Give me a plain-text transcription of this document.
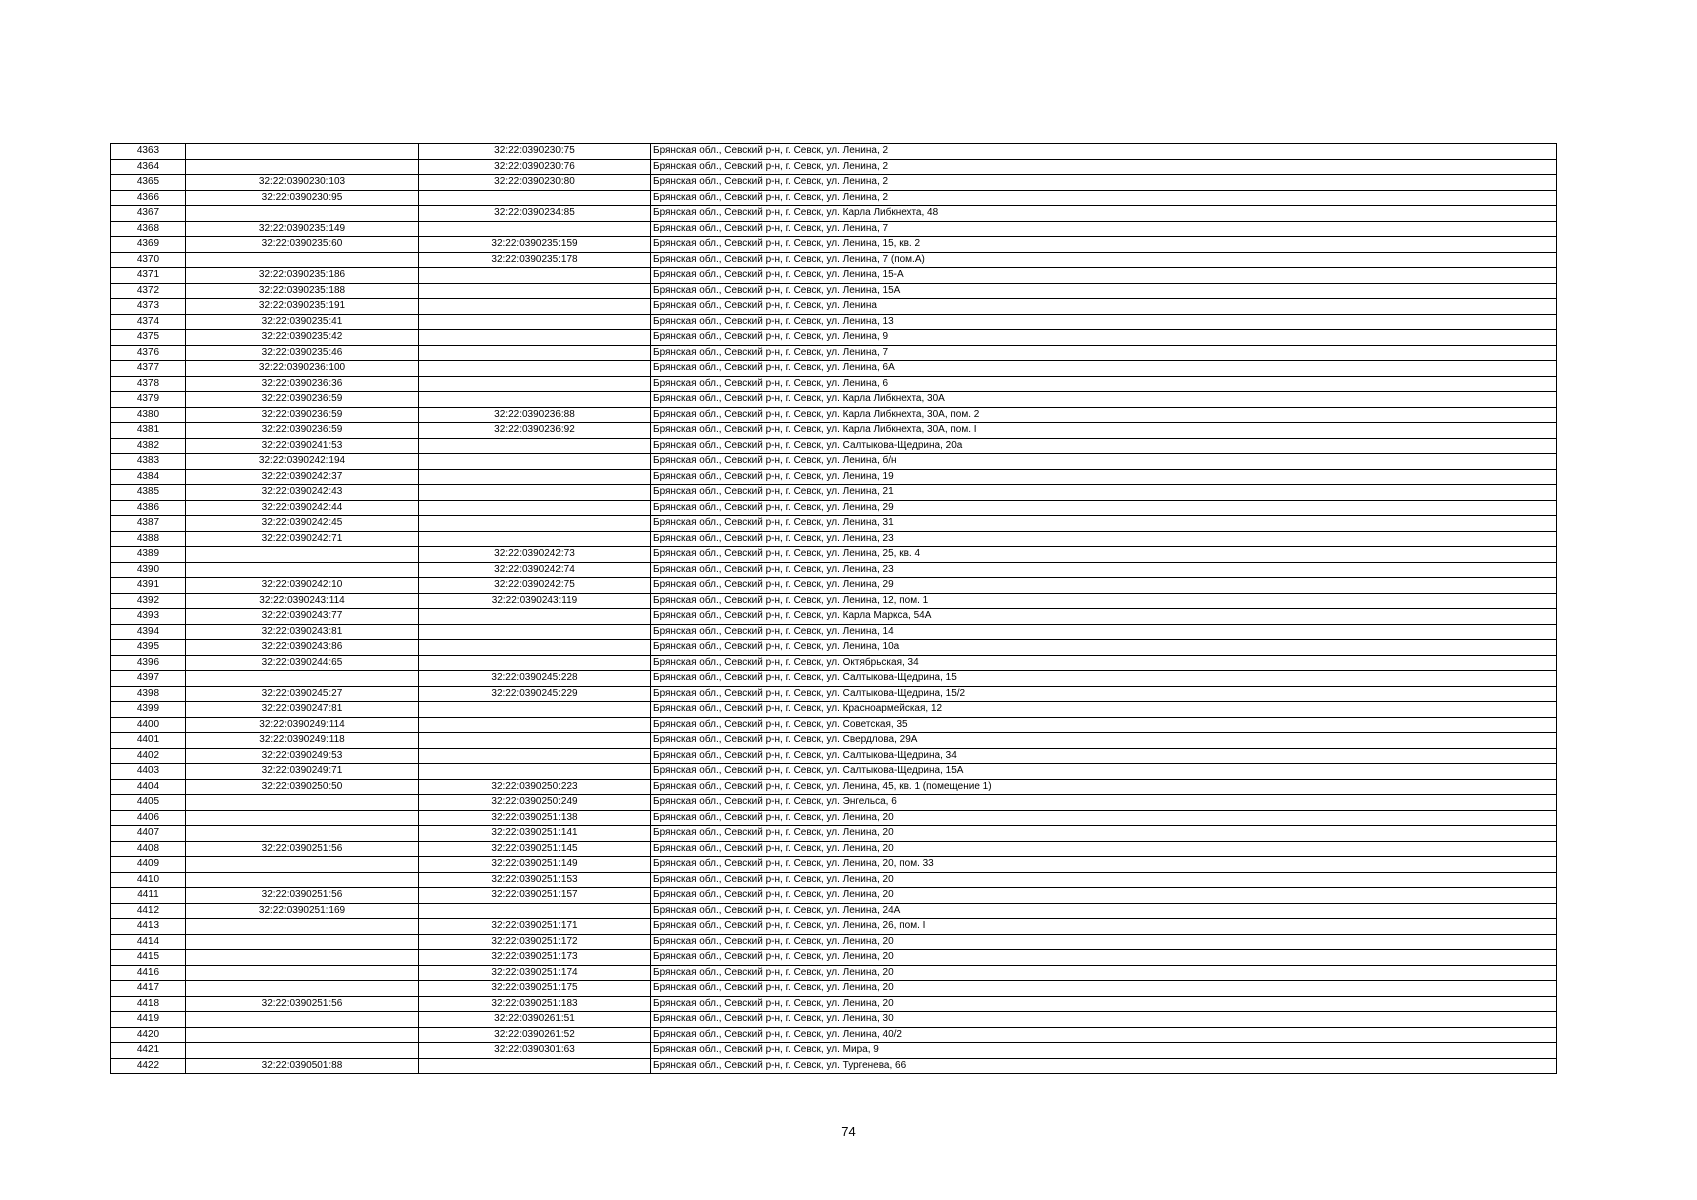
4363		32:22:0390230:75	Брянская обл., Севский р-н, г. Севск, ул. Ленина, 2
4364		32:22:0390230:76	Брянская обл., Севский р-н, г. Севск, ул. Ленина, 2
4365	32:22:0390230:103	32:22:0390230:80	Брянская обл., Севский р-н, г. Севск, ул. Ленина, 2
4366	32:22:0390230:95		Брянская обл., Севский р-н, г. Севск, ул. Ленина, 2
4367		32:22:0390234:85	Брянская обл., Севский р-н, г. Севск, ул. Карла Либкнехта, 48
4368	32:22:0390235:149		Брянская обл., Севский р-н, г. Севск, ул. Ленина, 7
4369	32:22:0390235:60	32:22:0390235:159	Брянская обл., Севский р-н, г. Севск, ул. Ленина, 15, кв. 2
4370		32:22:0390235:178	Брянская обл., Севский р-н, г. Севск, ул. Ленина, 7 (пом.А)
4371	32:22:0390235:186		Брянская обл., Севский р-н, г. Севск, ул. Ленина, 15-А
4372	32:22:0390235:188		Брянская обл., Севский р-н, г. Севск, ул. Ленина, 15А
4373	32:22:0390235:191		Брянская обл., Севский р-н, г. Севск, ул. Ленина
4374	32:22:0390235:41		Брянская обл., Севский р-н, г. Севск, ул. Ленина, 13
4375	32:22:0390235:42		Брянская обл., Севский р-н, г. Севск, ул. Ленина, 9
4376	32:22:0390235:46		Брянская обл., Севский р-н, г. Севск, ул. Ленина, 7
4377	32:22:0390236:100		Брянская обл., Севский р-н, г. Севск, ул. Ленина, 6А
4378	32:22:0390236:36		Брянская обл., Севский р-н, г. Севск, ул. Ленина, 6
4379	32:22:0390236:59		Брянская обл., Севский р-н, г. Севск, ул. Карла Либкнехта, 30А
4380	32:22:0390236:59	32:22:0390236:88	Брянская обл., Севский р-н, г. Севск, ул. Карла Либкнехта, 30А, пом. 2
4381	32:22:0390236:59	32:22:0390236:92	Брянская обл., Севский р-н, г. Севск, ул. Карла Либкнехта, 30А, пом. I
4382	32:22:0390241:53		Брянская обл., Севский р-н, г. Севск, ул. Салтыкова-Щедрина, 20а
4383	32:22:0390242:194		Брянская обл., Севский р-н, г. Севск, ул. Ленина, б/н
4384	32:22:0390242:37		Брянская обл., Севский р-н, г. Севск, ул. Ленина, 19
4385	32:22:0390242:43		Брянская обл., Севский р-н, г. Севск, ул. Ленина, 21
4386	32:22:0390242:44		Брянская обл., Севский р-н, г. Севск, ул. Ленина, 29
4387	32:22:0390242:45		Брянская обл., Севский р-н, г. Севск, ул. Ленина, 31
4388	32:22:0390242:71		Брянская обл., Севский р-н, г. Севск, ул. Ленина, 23
4389		32:22:0390242:73	Брянская обл., Севский р-н, г. Севск, ул. Ленина, 25, кв. 4
4390		32:22:0390242:74	Брянская обл., Севский р-н, г. Севск, ул. Ленина, 23
4391	32:22:0390242:10	32:22:0390242:75	Брянская обл., Севский р-н, г. Севск, ул. Ленина, 29
4392	32:22:0390243:114	32:22:0390243:119	Брянская обл., Севский р-н, г. Севск, ул. Ленина, 12, пом. 1
4393	32:22:0390243:77		Брянская обл., Севский р-н, г. Севск, ул. Карла Маркса, 54А
4394	32:22:0390243:81		Брянская обл., Севский р-н, г. Севск, ул. Ленина, 14
4395	32:22:0390243:86		Брянская обл., Севский р-н, г. Севск, ул. Ленина, 10а
4396	32:22:0390244:65		Брянская обл., Севский р-н, г. Севск, ул. Октябрьская, 34
4397		32:22:0390245:228	Брянская обл., Севский р-н, г. Севск, ул. Салтыкова-Щедрина, 15
4398	32:22:0390245:27	32:22:0390245:229	Брянская обл., Севский р-н, г. Севск, ул. Салтыкова-Щедрина, 15/2
4399	32:22:0390247:81		Брянская обл., Севский р-н, г. Севск, ул. Красноармейская, 12
4400	32:22:0390249:114		Брянская обл., Севский р-н, г. Севск, ул. Советская, 35
4401	32:22:0390249:118		Брянская обл., Севский р-н, г. Севск, ул. Свердлова, 29А
4402	32:22:0390249:53		Брянская обл., Севский р-н, г. Севск, ул. Салтыкова-Щедрина, 34
4403	32:22:0390249:71		Брянская обл., Севский р-н, г. Севск, ул. Салтыкова-Щедрина, 15А
4404	32:22:0390250:50	32:22:0390250:223	Брянская обл., Севский р-н, г. Севск, ул. Ленина, 45, кв. 1 (помещение 1)
4405		32:22:0390250:249	Брянская обл., Севский р-н, г. Севск, ул. Энгельса, 6
4406		32:22:0390251:138	Брянская обл., Севский р-н, г. Севск, ул. Ленина, 20
4407		32:22:0390251:141	Брянская обл., Севский р-н, г. Севск, ул. Ленина, 20
4408	32:22:0390251:56	32:22:0390251:145	Брянская обл., Севский р-н, г. Севск, ул. Ленина, 20
4409		32:22:0390251:149	Брянская обл., Севский р-н, г. Севск, ул. Ленина, 20, пом. 33
4410		32:22:0390251:153	Брянская обл., Севский р-н, г. Севск, ул. Ленина, 20
4411	32:22:0390251:56	32:22:0390251:157	Брянская обл., Севский р-н, г. Севск, ул. Ленина, 20
4412	32:22:0390251:169		Брянская обл., Севский р-н, г. Севск, ул. Ленина, 24А
4413		32:22:0390251:171	Брянская обл., Севский р-н, г. Севск, ул. Ленина, 26, пом. I
4414		32:22:0390251:172	Брянская обл., Севский р-н, г. Севск, ул. Ленина, 20
4415		32:22:0390251:173	Брянская обл., Севский р-н, г. Севск, ул. Ленина, 20
4416		32:22:0390251:174	Брянская обл., Севский р-н, г. Севск, ул. Ленина, 20
4417		32:22:0390251:175	Брянская обл., Севский р-н, г. Севск, ул. Ленина, 20
4418	32:22:0390251:56	32:22:0390251:183	Брянская обл., Севский р-н, г. Севск, ул. Ленина, 20
4419		32:22:0390261:51	Брянская обл., Севский р-н, г. Севск, ул. Ленина, 30
4420		32:22:0390261:52	Брянская обл., Севский р-н, г. Севск, ул. Ленина, 40/2
4421		32:22:0390301:63	Брянская обл., Севский р-н, г. Севск, ул. Мира, 9
4422	32:22:0390501:88		Брянская обл., Севский р-н, г. Севск, ул. Тургенева, 66
74
